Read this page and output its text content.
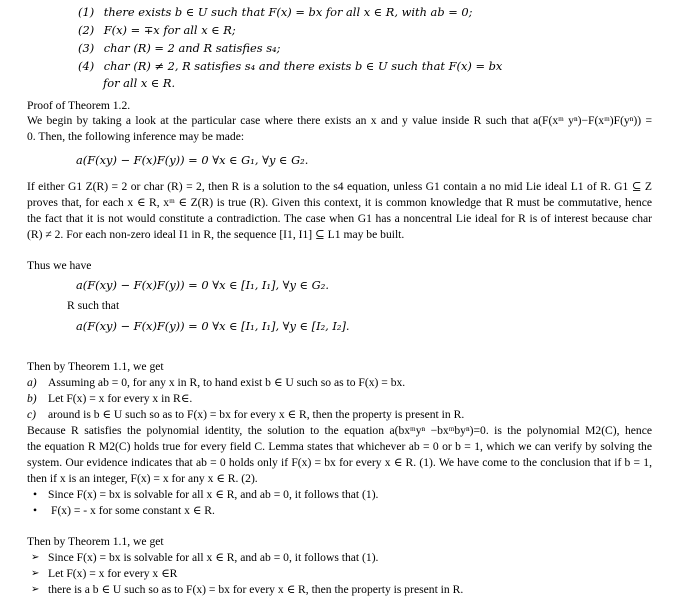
(1) there exists b ∈ U such that F(x) = bx for all x ∈ R, with ab = 0;
(2) F(x) = ∓x for all x ∈ R;
(3) char (R) = 2 and R satisfies s₄;
(4) char (R) ≠ 2, R satisfies s₄ and there exists b ∈ U such that F(x) = bx
for all x ∈ R.
Proof of Theorem 1.2.
We begin by taking a look at the particular case where there exists an x and y value inside R such that a(F(xᵐ yⁿ)−F(xᵐ)F(yⁿ)) =
0. Then, the following inference may be made:
a(F(xy) − F(x)F(y)) = 0 ∀x ∈ G₁, ∀y ∈ G₂.
If either G1 Z(R) = 2 or char (R) = 2, then R is a solution to the s4 equation, unless G1 contain a no mid Lie ideal L1 of R. G1 ⊆ Z
proves that, for each x ∈ R, xᵐ ∈ Z(R) is true (R). Given this context, it is common knowledge that R must be commutative, hence
the fact that it is not would constitute a contradiction. The case when G1 has a noncentral Lie ideal for R is of interest because char
(R) ≠ 2. For each non-zero ideal I1 in R, the sequence [I1, I1] ⊆ L1 may be built.
Thus we have
a(F(xy) − F(x)F(y)) = 0 ∀x ∈ [I₁, I₁], ∀y ∈ G₂.
R such that
a(F(xy) − F(x)F(y)) = 0 ∀x ∈ [I₁, I₁], ∀y ∈ [I₂, I₂].
Then by Theorem 1.1, we get
a) Assuming ab = 0, for any x in R, to hand exist b ∈ U such so as to F(x) = bx.
b) Let F(x) = x for every x in R∈.
c) around is b ∈ U such so as to F(x) = bx for every x ∈ R, then the property is present in R.
Because R satisfies the polynomial identity, the solution to the equation a(bxᵐyⁿ −bxᵐbyⁿ)=0. is the polynomial M2(C), hence
the equation R M2(C) holds true for every field C. Lemma states that whichever ab = 0 or b = 1, which we can verify by solving the
system. Our evidence indicates that ab = 0 holds only if F(x) = bx for every x ∈ R. (1). We have come to the conclusion that if b = 1,
then if x is an integer, F(x) = x for any x ∈ R. (2).
• Since F(x) = bx is solvable for all x ∈ R, and ab = 0, it follows that (1).
• F(x) = - x for some constant x ∈ R.
Then by Theorem 1.1, we get
➢ Since F(x) = bx is solvable for all x ∈ R, and ab = 0, it follows that (1).
➢ Let F(x) = x for every x ∈R
➢ there is a b ∈ U such so as to F(x) = bx for every x ∈ R, then the property is present in R.
